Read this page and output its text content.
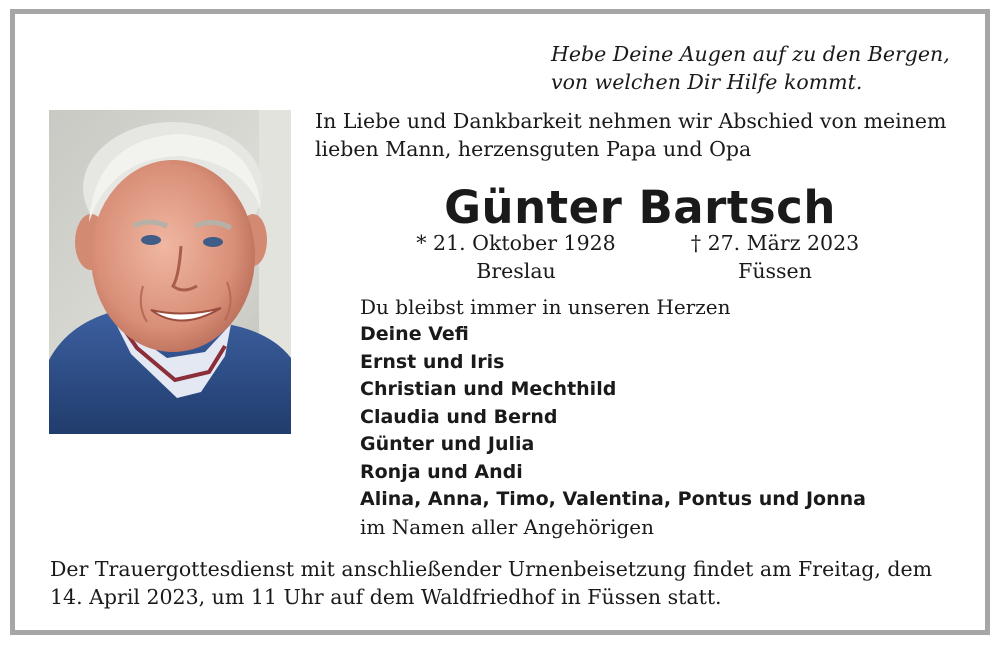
Hebe Deine Augen auf zu den Bergen,
von welchen Dir Hilfe kommt.
In Liebe und Dankbarkeit nehmen wir Abschied von meinem
lieben Mann, herzensguten Papa und Opa
Günter Bartsch
* 21. Oktober 1928
Breslau
† 27. März 2023
Füssen
Du bleibst immer in unseren Herzen
Deine Vefi
Ernst und Iris
Christian und Mechthild
Claudia und Bernd
Günter und Julia
Ronja und Andi
Alina, Anna, Timo, Valentina, Pontus und Jonna
im Namen aller Angehörigen
Der Trauergottesdienst mit anschließender Urnenbeisetzung findet am Freitag, dem
14. April 2023, um 11 Uhr auf dem Waldfriedhof in Füssen statt.
